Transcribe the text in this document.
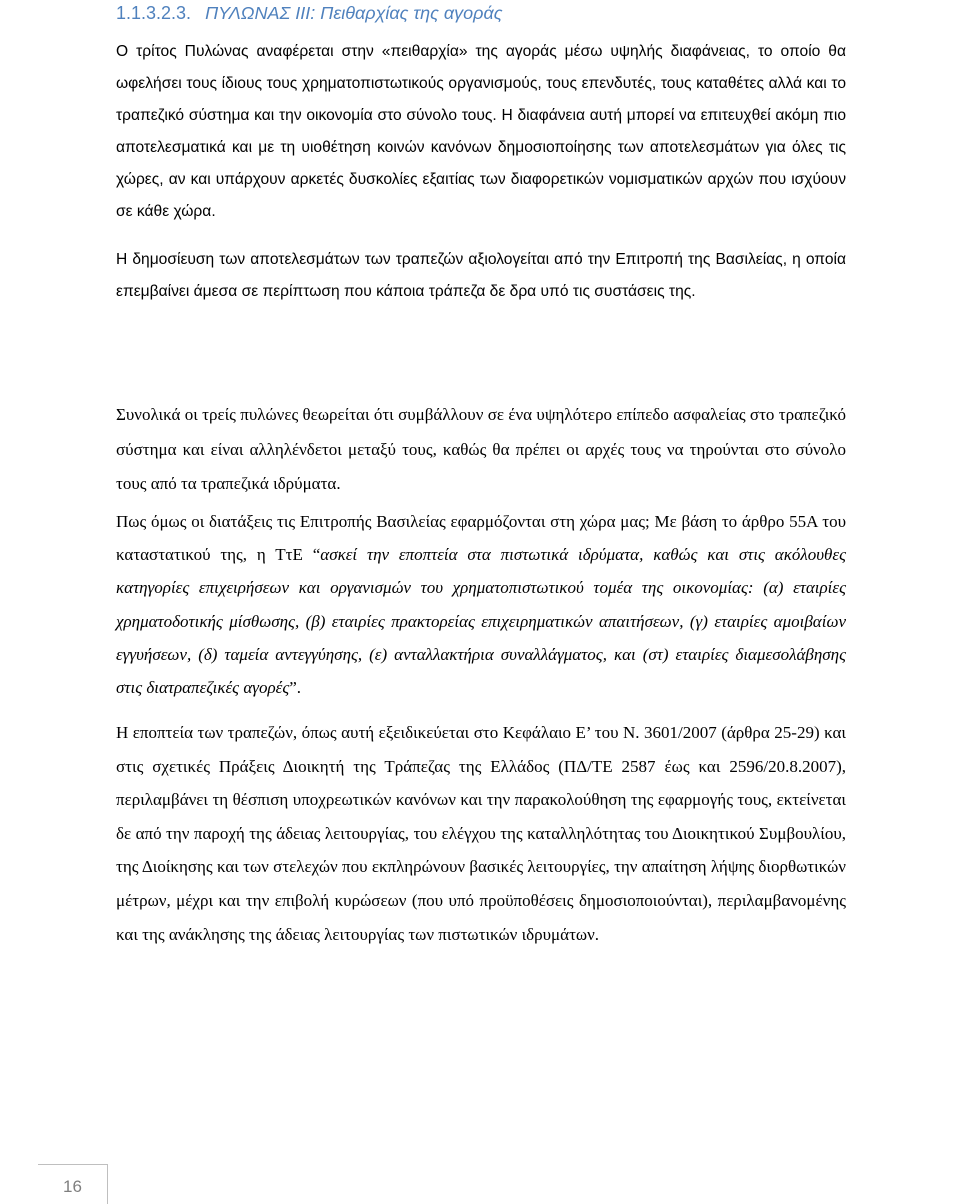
1.1.3.2.3. ΠΥΛΩΝΑΣ ΙΙΙ: Πειθαρχίας της αγοράς

Ο τρίτος Πυλώνας αναφέρεται στην «πειθαρχία» της αγοράς μέσω υψηλής διαφάνειας, το οποίο θα ωφελήσει τους ίδιους τους χρηματοπιστωτικούς οργανισμούς, τους επενδυτές, τους καταθέτες αλλά και το τραπεζικό σύστημα και την οικονομία στο σύνολο τους. Η διαφάνεια αυτή μπορεί να επιτευχθεί ακόμη πιο αποτελεσματικά και με τη υιοθέτηση κοινών κανόνων δημοσιοποίησης των αποτελεσμάτων για όλες τις χώρες, αν και υπάρχουν αρκετές δυσκολίες εξαιτίας των διαφορετικών νομισματικών αρχών που ισχύουν σε κάθε χώρα.

Η δημοσίευση των αποτελεσμάτων των τραπεζών αξιολογείται από την Επιτροπή της Βασιλείας, η οποία επεμβαίνει άμεσα σε περίπτωση που κάποια τράπεζα δε δρα υπό τις συστάσεις της.

Συνολικά οι τρείς πυλώνες θεωρείται ότι συμβάλλουν σε ένα υψηλότερο επίπεδο ασφαλείας στο τραπεζικό σύστημα και είναι αλληλένδετοι μεταξύ τους, καθώς θα πρέπει οι αρχές τους να τηρούνται στο σύνολο τους από τα τραπεζικά ιδρύματα.

Πως όμως οι διατάξεις τις Επιτροπής Βασιλείας εφαρμόζονται στη χώρα μας; Με βάση το άρθρο 55Α του καταστατικού της, η ΤτΕ “ασκεί την εποπτεία στα πιστωτικά ιδρύματα, καθώς και στις ακόλουθες κατηγορίες επιχειρήσεων και οργανισμών του χρηματοπιστωτικού τομέα της οικονομίας: (α) εταιρίες χρηματοδοτικής μίσθωσης, (β) εταιρίες πρακτορείας επιχειρηματικών απαιτήσεων, (γ) εταιρίες αμοιβαίων εγγυήσεων, (δ) ταμεία αντεγγύησης, (ε) ανταλλακτήρια συναλλάγματος, και (στ) εταιρίες διαμεσολάβησης στις διατραπεζικές αγορές”.

Η εποπτεία των τραπεζών, όπως αυτή εξειδικεύεται στο Κεφάλαιο Ε’ του Ν. 3601/2007 (άρθρα 25-29) και στις σχετικές Πράξεις Διοικητή της Τράπεζας της Ελλάδος (ΠΔ/ΤΕ 2587 έως και 2596/20.8.2007), περιλαμβάνει τη θέσπιση υποχρεωτικών κανόνων και την παρακολούθηση της εφαρμογής τους, εκτείνεται δε από την παροχή της άδειας λειτουργίας, του ελέγχου της καταλληλότητας του Διοικητικού Συμβουλίου, της Διοίκησης και των στελεχών που εκπληρώνουν βασικές λειτουργίες, την απαίτηση λήψης διορθωτικών μέτρων, μέχρι και την επιβολή κυρώσεων (που υπό προϋποθέσεις δημοσιοποιούνται), περιλαμβανομένης και της ανάκλησης της άδειας λειτουργίας των πιστωτικών ιδρυμάτων.

16
